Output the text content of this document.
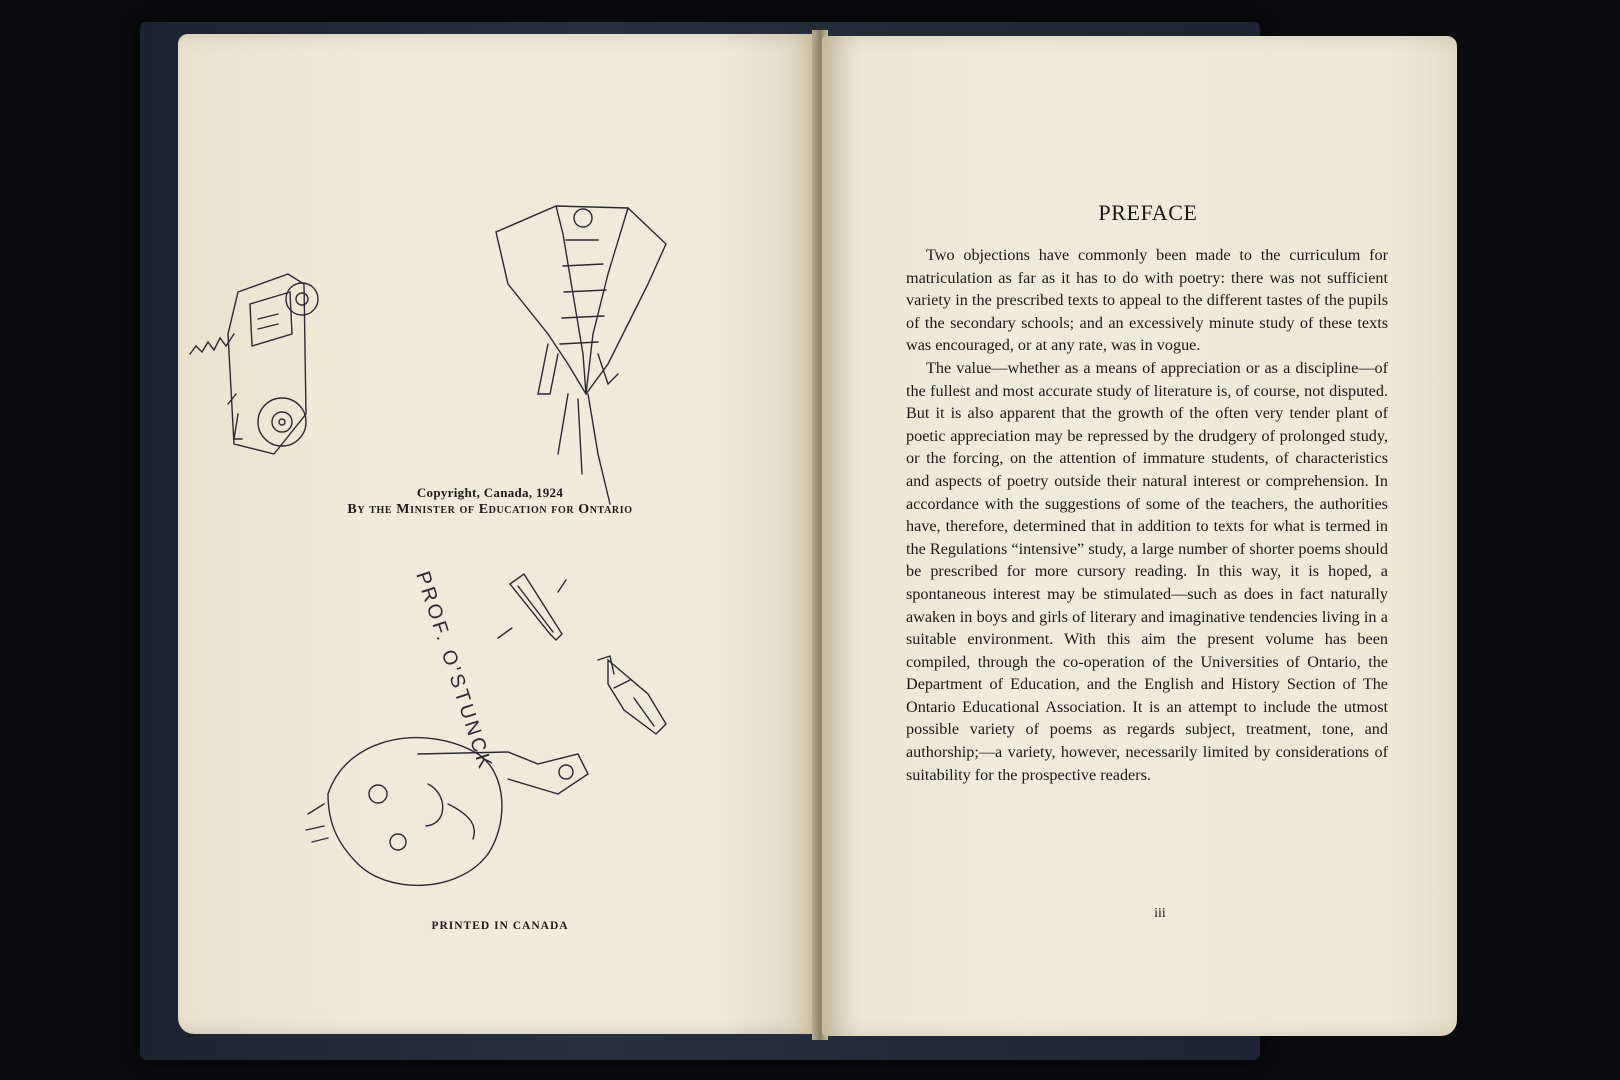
PROF. O'STUNCK
Copyright, Canada, 1924
By the Minister of Education for Ontario
PRINTED IN CANADA
PREFACE

Two objections have commonly been made to the curriculum for matriculation as far as it has to do with poetry: there was not sufficient variety in the prescribed texts to appeal to the different tastes of the pupils of the secondary schools; and an excessively minute study of these texts was encouraged, or at any rate, was in vogue.

The value—whether as a means of appreciation or as a discipline—of the fullest and most accurate study of literature is, of course, not disputed. But it is also apparent that the growth of the often very tender plant of poetic appreciation may be repressed by the drudgery of prolonged study, or the forcing, on the attention of immature students, of characteristics and aspects of poetry outside their natural interest or comprehension. In accordance with the suggestions of some of the teachers, the authorities have, therefore, determined that in addition to texts for what is termed in the Regulations “intensive” study, a large number of shorter poems should be prescribed for more cursory reading. In this way, it is hoped, a spontaneous interest may be stimulated—such as does in fact naturally awaken in boys and girls of literary and imaginative tendencies living in a suitable environment. With this aim the present volume has been compiled, through the co-operation of the Universities of Ontario, the Department of Education, and the English and History Section of The Ontario Educational Association. It is an attempt to include the utmost possible variety of poems as regards subject, treatment, tone, and authorship;—a variety, however, necessarily limited by considerations of suitability for the prospective readers.

iii
